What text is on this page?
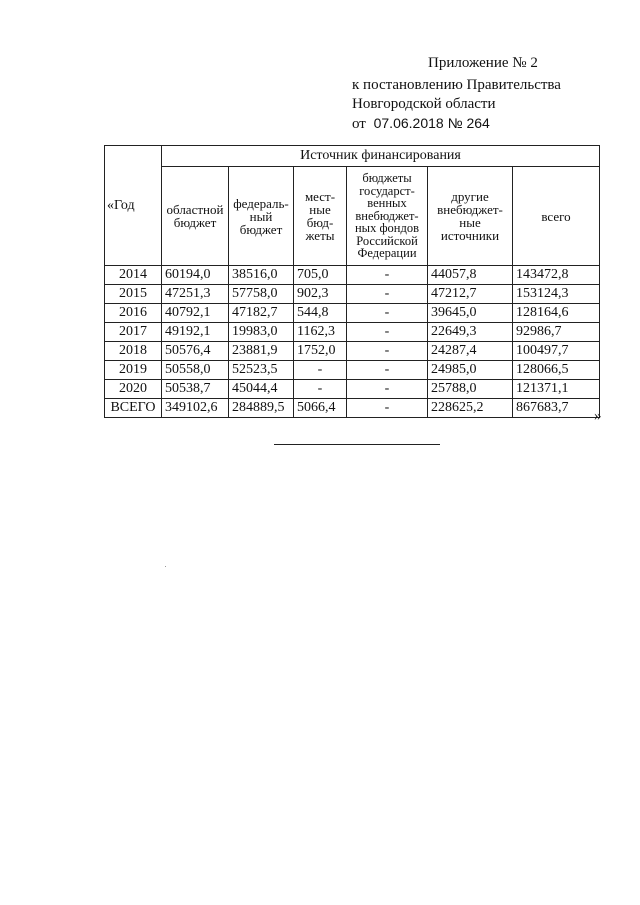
Приложение № 2
к постановлению Правительства
Новгородской области
от 07.06.2018 № 264
«Год	Источник финансирования					
	областной бюджет	федераль-ный бюджет	мест-ные бюд-жеты	бюджеты государст-венных внебюджет-ных фондов Российской Федерации	другие внебюджет-ные источники	всего
2014	60194,0	38516,0	705,0	-	44057,8	143472,8
2015	47251,3	57758,0	902,3	-	47212,7	153124,3
2016	40792,1	47182,7	544,8	-	39645,0	128164,6
2017	49192,1	19983,0	1162,3	-	22649,3	92986,7
2018	50576,4	23881,9	1752,0	-	24287,4	100497,7
2019	50558,0	52523,5	-	-	24985,0	128066,5
2020	50538,7	45044,4	-	-	25788,0	121371,1
ВСЕГО	349102,6	284889,5	5066,4	-	228625,2	867683,7
»
